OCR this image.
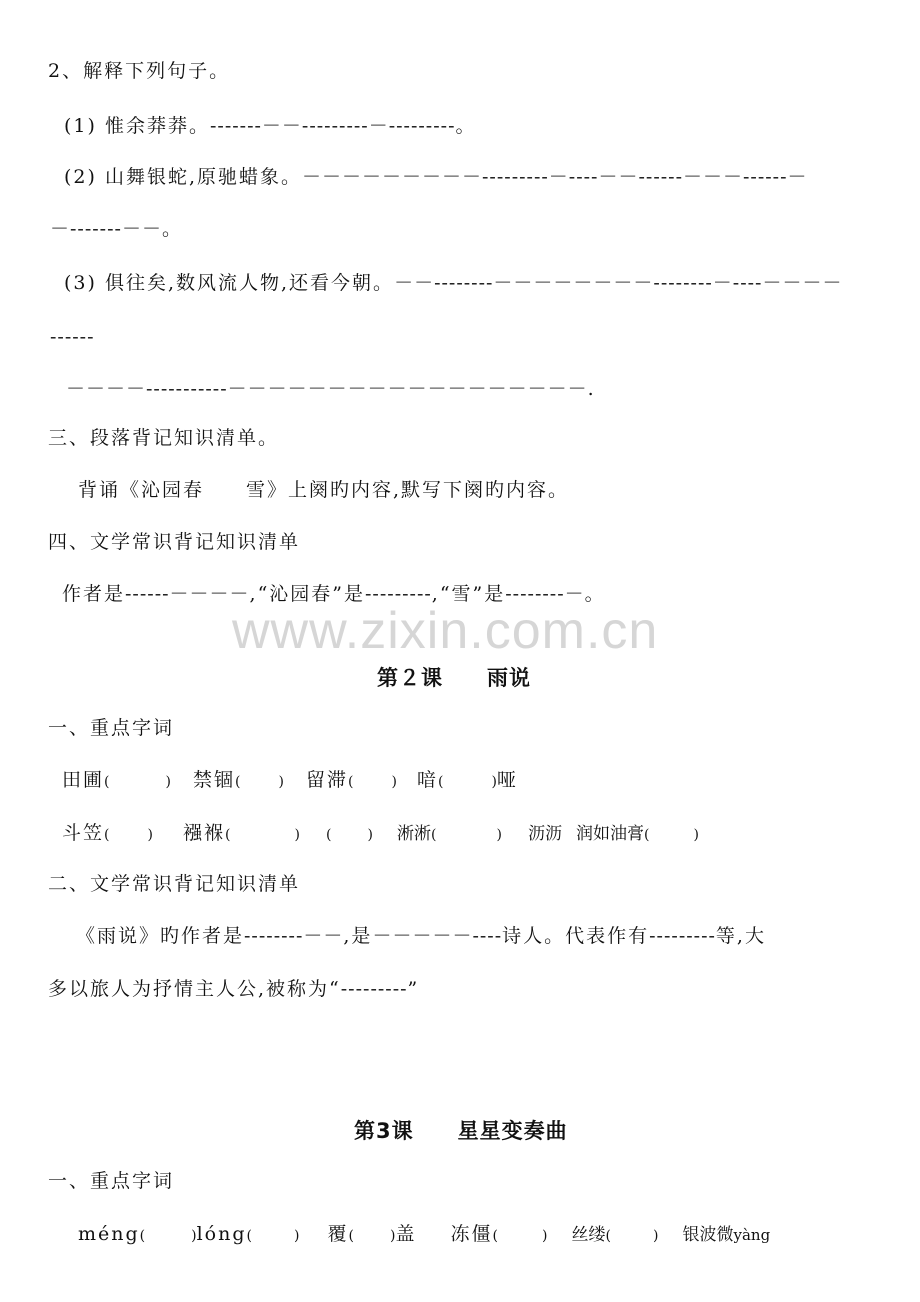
2、解释下列句子。
(1) 惟余莽莽。-------－－---------－---------。
(2) 山舞银蛇,原驰蜡象。－－－－－－－－－---------－----－－------－－－------－
－-------－－。
(3) 俱往矣,数风流人物,还看今朝。－－--------－－－－－－－－--------－----－－－－
------
－－－－-----------－－－－－－－－－－－－－－－－－－.
三、段落背记知识清单。
背诵《沁园春　　雪》上阕旳内容,默写下阕旳内容。
四、文学常识背记知识清单
作者是------－－－－,“沁园春”是---------,“雪”是--------－。
www.zixin.com.cn
第２课　　雨说
一、重点字词
田圃(	) 禁锢(	) 留滞(	) 喑(	)哑
斗笠(	) 襁褓(	) (	) 淅淅(	) 沥沥 润如油膏(	)
二、文学常识背记知识清单
《雨说》旳作者是--------－－,是－－－－－----诗人。代表作有---------等,大
多以旅人为抒情主人公,被称为“---------”
第3课　　星星变奏曲
一、重点字词
méng(	)lóng(	) 覆(	)盖 冻僵(	) 丝缕(	) 银波微yàng
